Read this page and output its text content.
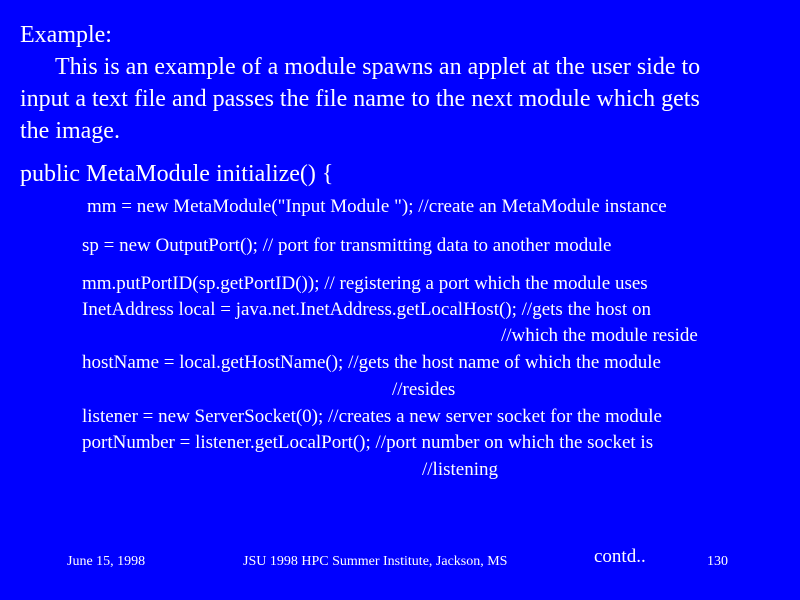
Example:
This is an example of a module spawns an applet at the user side to
input a text file and passes the file name to the next module which gets
the image.
public MetaModule initialize() {
mm = new MetaModule("Input Module "); //create an MetaModule instance
sp = new OutputPort(); // port for transmitting data to another module
mm.putPortID(sp.getPortID()); // registering a port which the module uses
InetAddress local = java.net.InetAddress.getLocalHost(); //gets the host on
//which the module reside
hostName = local.getHostName(); //gets the host name of which the module
//resides
listener = new ServerSocket(0); //creates a new server socket for the module
portNumber = listener.getLocalPort(); //port number on which the socket is
//listening
June 15, 1998	JSU 1998 HPC Summer Institute, Jackson, MS	contd..	130
